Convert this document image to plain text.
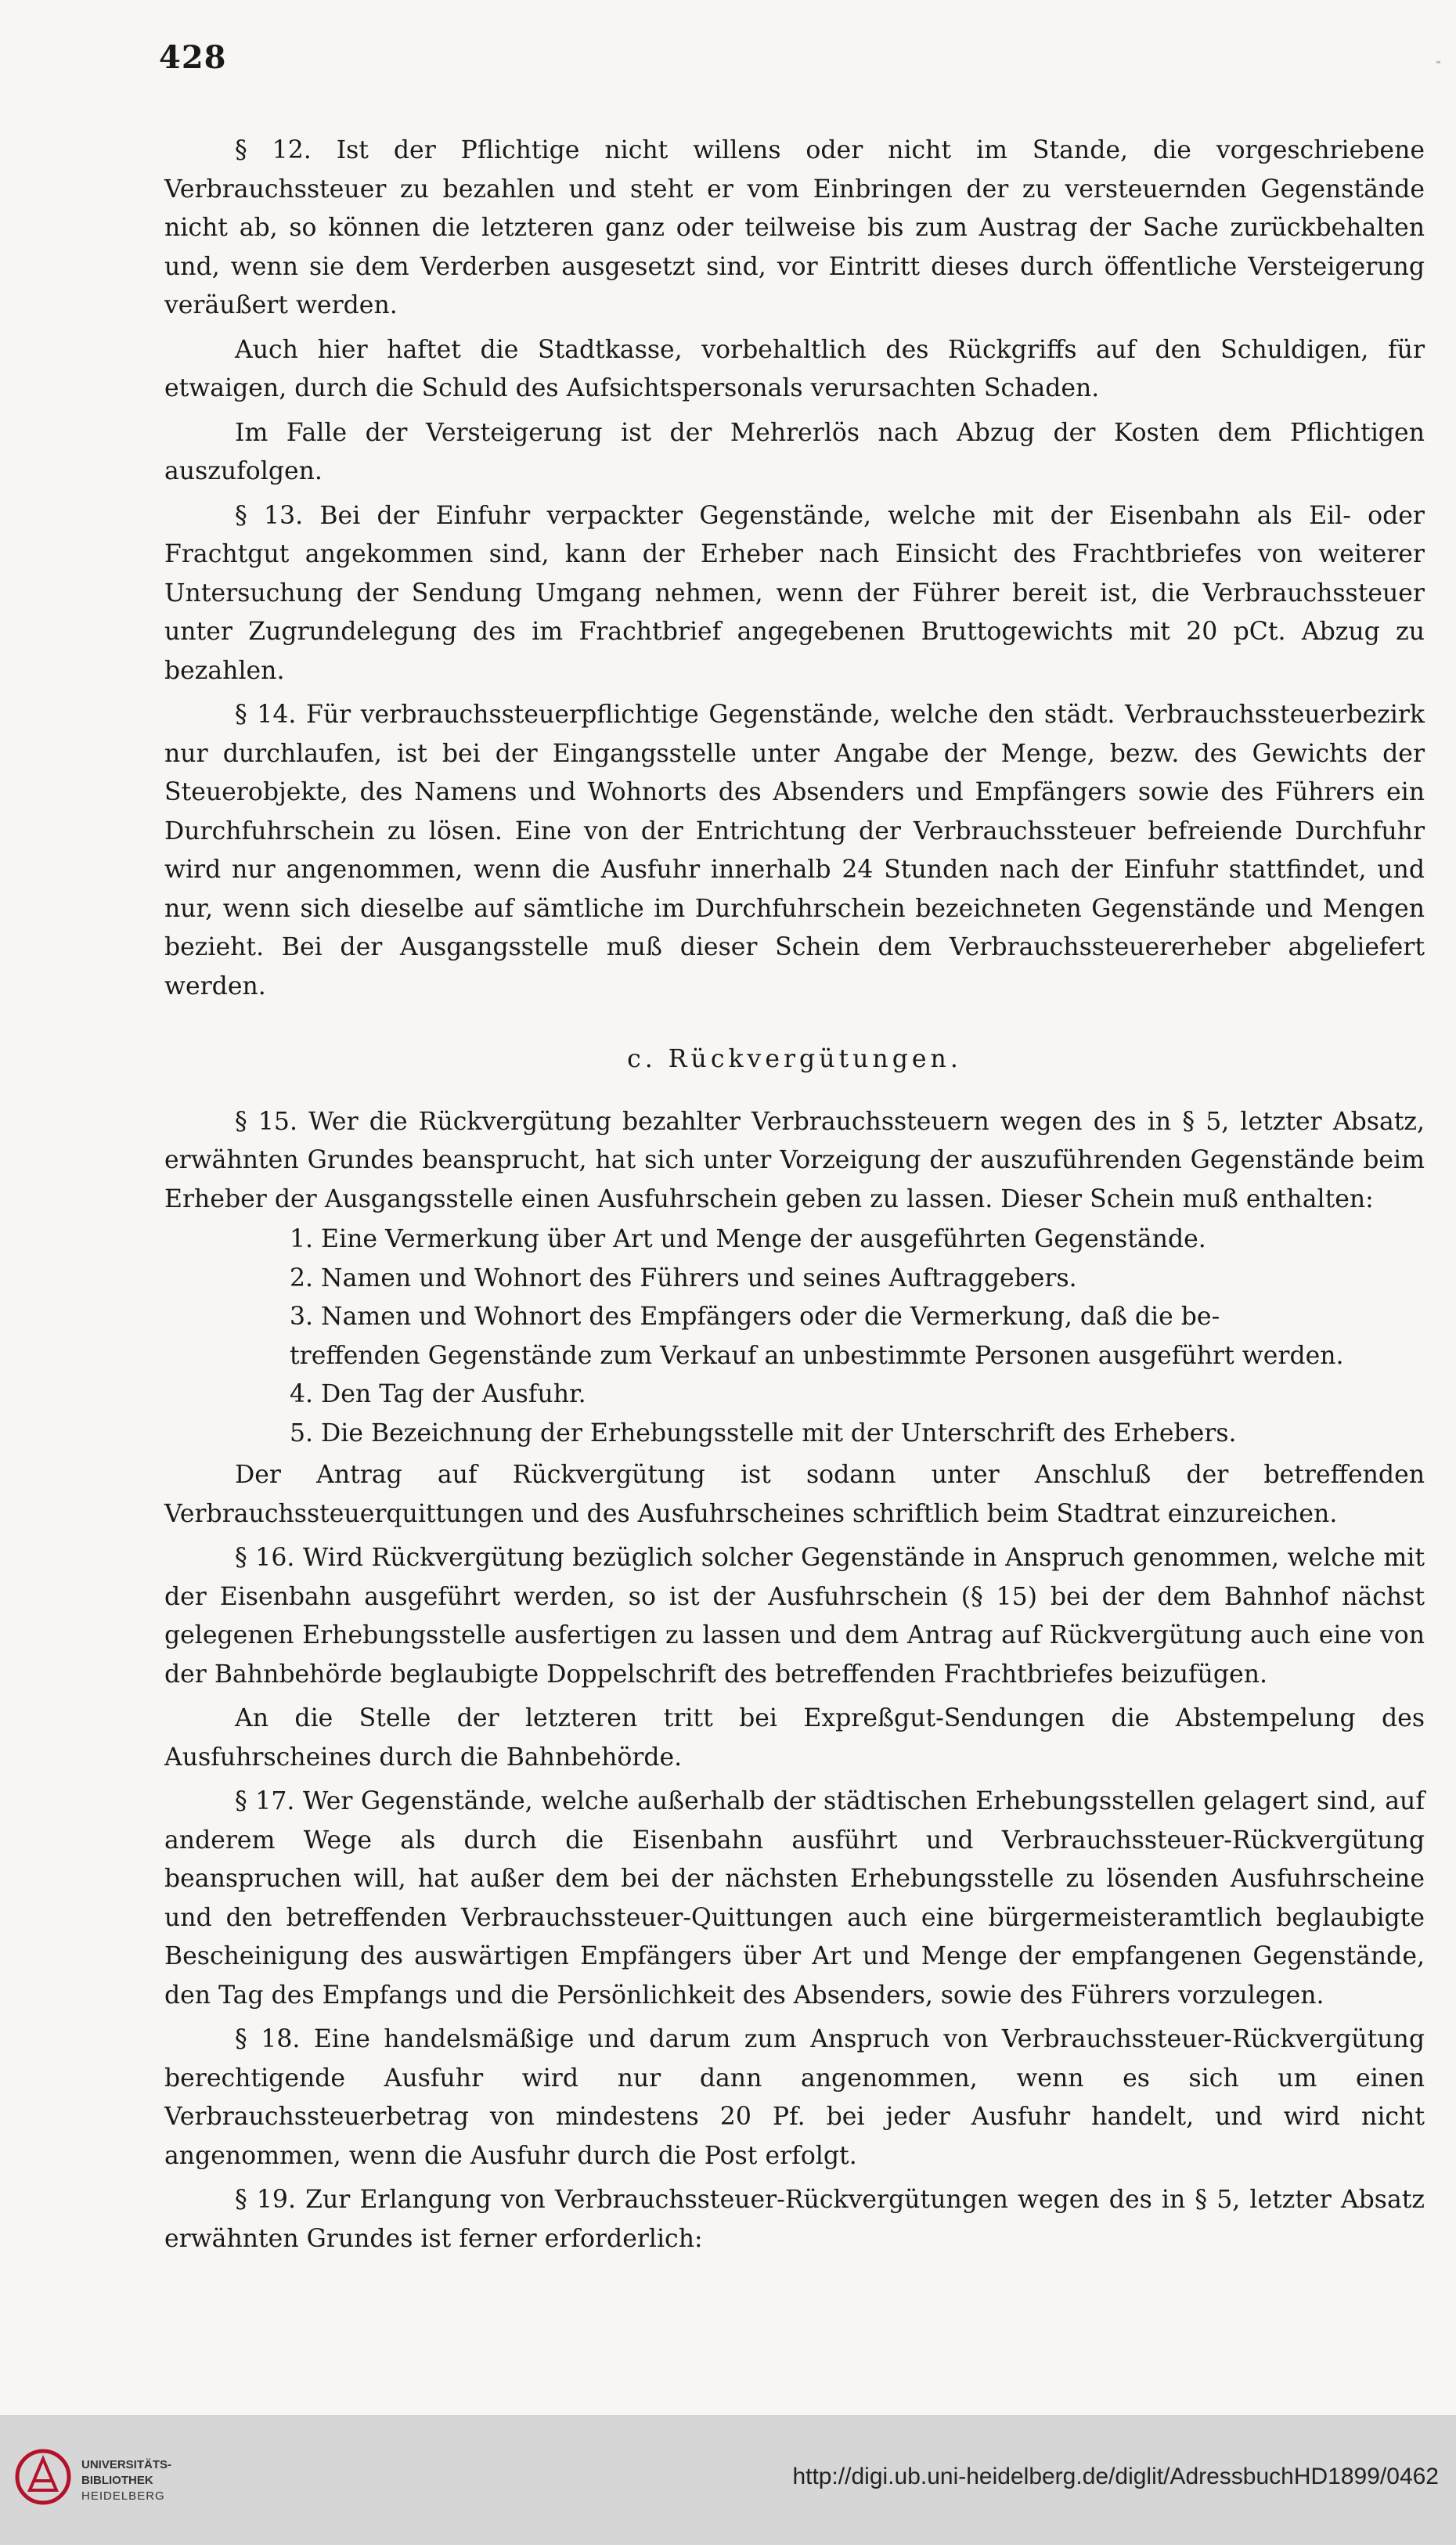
428

§ 12. Ist der Pflichtige nicht willens oder nicht im Stande, die vorgeschriebene Verbrauchssteuer zu bezahlen und steht er vom Einbringen der zu versteuernden Gegenstände nicht ab, so können die letzteren ganz oder teilweise bis zum Austrag der Sache zurückbehalten und, wenn sie dem Verderben ausgesetzt sind, vor Eintritt dieses durch öffentliche Versteigerung veräußert werden.

Auch hier haftet die Stadtkasse, vorbehaltlich des Rückgriffs auf den Schuldigen, für etwaigen, durch die Schuld des Aufsichtspersonals verursachten Schaden.

Im Falle der Versteigerung ist der Mehrerlös nach Abzug der Kosten dem Pflichtigen auszufolgen.

§ 13. Bei der Einfuhr verpackter Gegenstände, welche mit der Eisenbahn als Eil- oder Frachtgut angekommen sind, kann der Erheber nach Einsicht des Frachtbriefes von weiterer Untersuchung der Sendung Umgang nehmen, wenn der Führer bereit ist, die Verbrauchssteuer unter Zugrundelegung des im Frachtbrief angegebenen Bruttogewichts mit 20 pCt. Abzug zu bezahlen.

§ 14. Für verbrauchssteuerpflichtige Gegenstände, welche den städt. Verbrauchssteuerbezirk nur durchlaufen, ist bei der Eingangsstelle unter Angabe der Menge, bezw. des Gewichts der Steuerobjekte, des Namens und Wohnorts des Absenders und Empfängers sowie des Führers ein Durchfuhrschein zu lösen. Eine von der Entrichtung der Verbrauchssteuer befreiende Durchfuhr wird nur angenommen, wenn die Ausfuhr innerhalb 24 Stunden nach der Einfuhr stattfindet, und nur, wenn sich dieselbe auf sämtliche im Durchfuhrschein bezeichneten Gegenstände und Mengen bezieht. Bei der Ausgangsstelle muß dieser Schein dem Verbrauchssteuererheber abgeliefert werden.

c. Rückvergütungen.

§ 15. Wer die Rückvergütung bezahlter Verbrauchssteuern wegen des in § 5, letzter Absatz, erwähnten Grundes beansprucht, hat sich unter Vorzeigung der auszuführenden Gegenstände beim Erheber der Ausgangsstelle einen Ausfuhrschein geben zu lassen. Dieser Schein muß enthalten:

1. Eine Vermerkung über Art und Menge der ausgeführten Gegenstände.

2. Namen und Wohnort des Führers und seines Auftraggebers.

3. Namen und Wohnort des Empfängers oder die Vermerkung, daß die be-

treffenden Gegenstände zum Verkauf an unbestimmte Personen ausgeführt werden.

4. Den Tag der Ausfuhr.

5. Die Bezeichnung der Erhebungsstelle mit der Unterschrift des Erhebers.

Der Antrag auf Rückvergütung ist sodann unter Anschluß der betreffenden Verbrauchssteuerquittungen und des Ausfuhrscheines schriftlich beim Stadtrat einzureichen.

§ 16. Wird Rückvergütung bezüglich solcher Gegenstände in Anspruch genommen, welche mit der Eisenbahn ausgeführt werden, so ist der Ausfuhrschein (§ 15) bei der dem Bahnhof nächst gelegenen Erhebungsstelle ausfertigen zu lassen und dem Antrag auf Rückvergütung auch eine von der Bahnbehörde beglaubigte Doppelschrift des betreffenden Frachtbriefes beizufügen.

An die Stelle der letzteren tritt bei Expreßgut-Sendungen die Abstempelung des Ausfuhrscheines durch die Bahnbehörde.

§ 17. Wer Gegenstände, welche außerhalb der städtischen Erhebungsstellen gelagert sind, auf anderem Wege als durch die Eisenbahn ausführt und Verbrauchssteuer-Rückvergütung beanspruchen will, hat außer dem bei der nächsten Erhebungsstelle zu lösenden Ausfuhrscheine und den betreffenden Verbrauchssteuer-Quittungen auch eine bürgermeisteramtlich beglaubigte Bescheinigung des auswärtigen Empfängers über Art und Menge der empfangenen Gegenstände, den Tag des Empfangs und die Persönlichkeit des Absenders, sowie des Führers vorzulegen.

§ 18. Eine handelsmäßige und darum zum Anspruch von Verbrauchssteuer-Rückvergütung berechtigende Ausfuhr wird nur dann angenommen, wenn es sich um einen Verbrauchssteuerbetrag von mindestens 20 Pf. bei jeder Ausfuhr handelt, und wird nicht angenommen, wenn die Ausfuhr durch die Post erfolgt.

§ 19. Zur Erlangung von Verbrauchssteuer-Rückvergütungen wegen des in § 5, letzter Absatz erwähnten Grundes ist ferner erforderlich:

UNIVERSITÄTS-
BIBLIOTHEK
HEIDELBERG
http://digi.ub.uni-heidelberg.de/diglit/AdressbuchHD1899/0462
